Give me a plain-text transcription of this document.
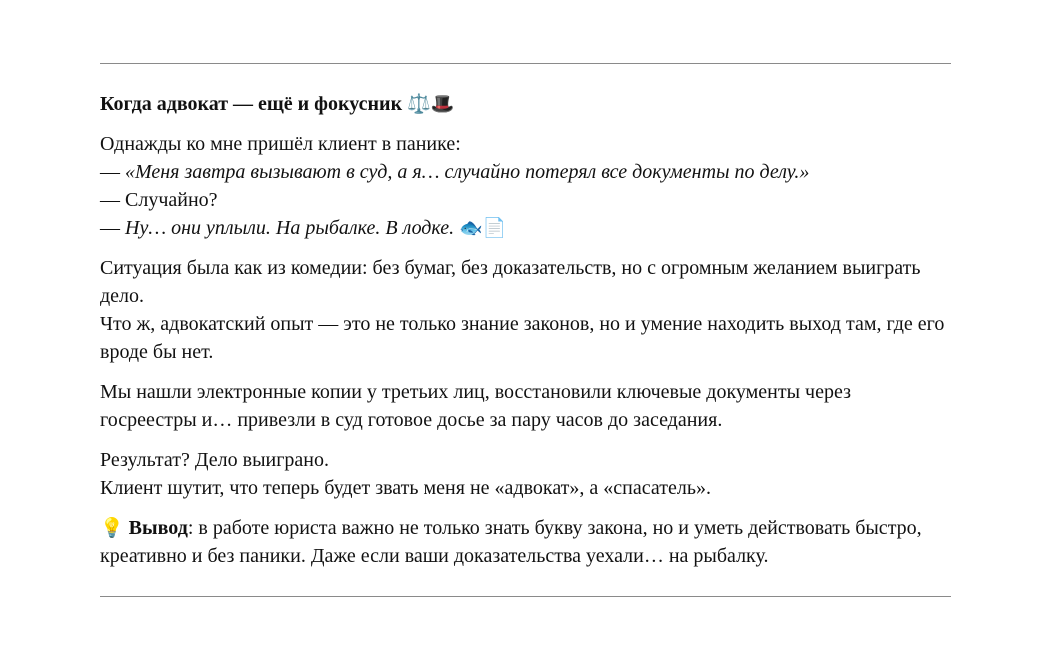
Когда адвокат — ещё и фокусник ⚖️🎩

Однажды ко мне пришёл клиент в панике:
— «Меня завтра вызывают в суд, а я… случайно потерял все документы по делу.»
— Случайно?
— Ну… они уплыли. На рыбалке. В лодке. 🐟📄

Ситуация была как из комедии: без бумаг, без доказательств, но с огромным желанием выиграть дело.
Что ж, адвокатский опыт — это не только знание законов, но и умение находить выход там, где его вроде бы нет.

Мы нашли электронные копии у третьих лиц, восстановили ключевые документы через госреестры и… привезли в суд готовое досье за пару часов до заседания.

Результат? Дело выиграно.
Клиент шутит, что теперь будет звать меня не «адвокат», а «спасатель».

💡 Вывод: в работе юриста важно не только знать букву закона, но и уметь действовать быстро, креативно и без паники. Даже если ваши доказательства уехали… на рыбалку.
